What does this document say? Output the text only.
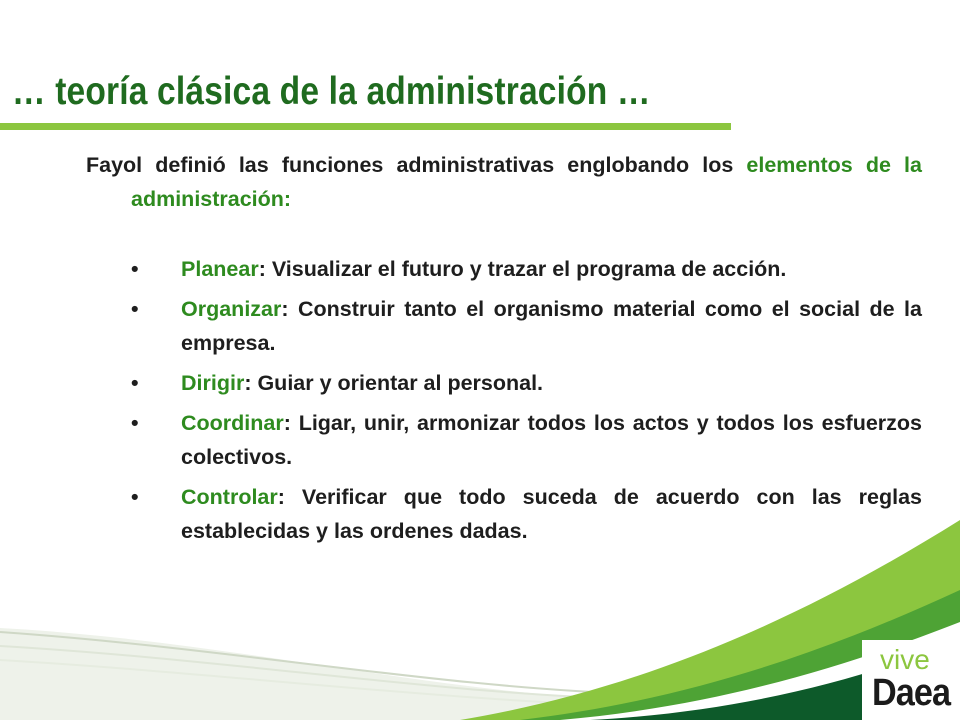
… teoría clásica de la administración …

Fayol definió las funciones administrativas englobando los elementos de la administración:

• Planear: Visualizar el futuro y trazar el programa de acción.
• Organizar: Construir tanto el organismo material como el social de la empresa.
• Dirigir: Guiar y orientar al personal.
• Coordinar: Ligar, unir, armonizar todos los actos y todos los esfuerzos colectivos.
• Controlar: Verificar que todo suceda de acuerdo con las reglas establecidas y las ordenes dadas.
vive
Daea
